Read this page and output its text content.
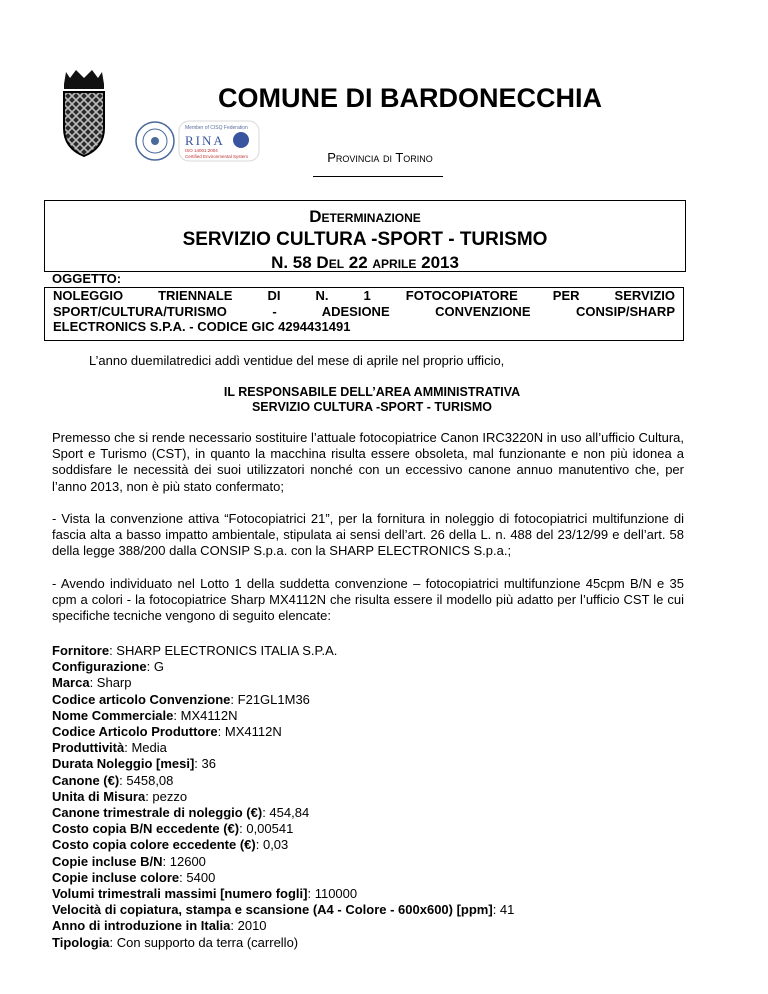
Member of CISQ Federation
RINA
ISO 14001:2004
Certified Environmental System
COMUNE DI BARDONECCHIA
Provincia di Torino
Determinazione
SERVIZIO CULTURA -SPORT - TURISMO
N. 58 Del 22 aprile 2013
OGGETTO:
NOLEGGIO TRIENNALE DI N. 1 FOTOCOPIATORE PER SERVIZIO
SPORT/CULTURA/TURISMO - ADESIONE CONVENZIONE CONSIP/SHARP
ELECTRONICS S.P.A. - CODICE GIC 4294431491
L’anno duemilatredici addì ventidue del mese di aprile nel proprio ufficio,
IL RESPONSABILE DELL’AREA AMMINISTRATIVA
SERVIZIO CULTURA -SPORT - TURISMO
Premesso che si rende necessario sostituire l’attuale fotocopiatrice Canon IRC3220N in uso all’ufficio Cultura, Sport e Turismo (CST), in quanto la macchina risulta essere obsoleta, mal funzionante e non più idonea a soddisfare le necessità dei suoi utilizzatori nonché con un eccessivo canone annuo manutentivo che, per l’anno 2013, non è più stato confermato;
- Vista la convenzione attiva “Fotocopiatrici 21”, per la fornitura in noleggio di fotocopiatrici multifunzione di fascia alta a basso impatto ambientale, stipulata ai sensi dell’art. 26 della L. n. 488 del 23/12/99 e dell’art. 58 della legge 388/200 dalla CONSIP S.p.a. con la SHARP ELECTRONICS S.p.a.;
- Avendo individuato nel Lotto 1 della suddetta convenzione – fotocopiatrici multifunzione 45cpm B/N e 35 cpm a colori - la fotocopiatrice Sharp MX4112N che risulta essere il modello più adatto per l’ufficio CST le cui specifiche tecniche vengono di seguito elencate:
Fornitore: SHARP ELECTRONICS ITALIA S.P.A.
Configurazione: G
Marca: Sharp
Codice articolo Convenzione: F21GL1M36
Nome Commerciale: MX4112N
Codice Articolo Produttore: MX4112N
Produttività: Media
Durata Noleggio [mesi]: 36
Canone (€): 5458,08
Unita di Misura: pezzo
Canone trimestrale di noleggio (€): 454,84
Costo copia B/N eccedente (€): 0,00541
Costo copia colore eccedente (€): 0,03
Copie incluse B/N: 12600
Copie incluse colore: 5400
Volumi trimestrali massimi [numero fogli]: 110000
Velocità di copiatura, stampa e scansione (A4 - Colore - 600x600) [ppm]: 41
Anno di introduzione in Italia: 2010
Tipologia: Con supporto da terra (carrello)
